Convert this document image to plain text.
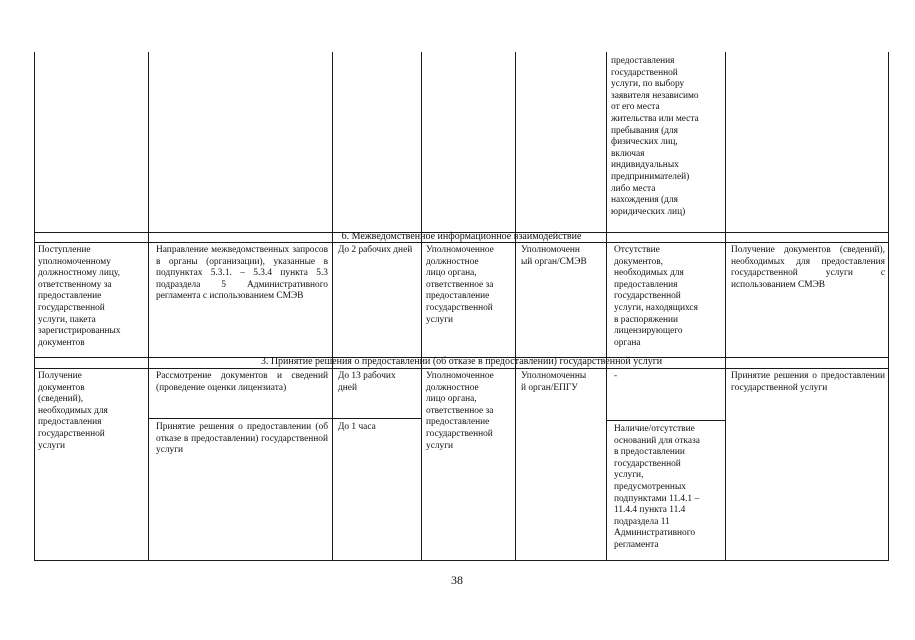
предоставления
государственной
услуги, по выбору
заявителя независимо
от его места
жительства или места
пребывания (для
физических лиц,
включая
индивидуальных
предпринимателей)
либо места
нахождения (для
юридических лиц)
6. Межведомственное информационное взаимодействие
Поступление
уполномоченному
должностному лицу,
ответственному за
предоставление
государственной
услуги, пакета
зарегистрированных
документов
Направление межведомственных запросов в органы (организации), указанные в подпунктах 5.3.1. – 5.3.4 пункта 5.3 подраздела 5 Административного регламента с использованием СМЭВ
До 2 рабочих дней	Уполномоченное
должностное
лицо органа,
ответственное за
предоставление
государственной
услуги
Уполномоченн
ый орган/СМЭВ
Отсутствие
документов,
необходимых для
предоставления
государственной
услуги, находящихся
в распоряжении
лицензирующего
органа
Получение документов (сведений), необходимых для предоставления государственной услуги с использованием СМЭВ
3. Принятие решения о предоставлении (об отказе в предоставлении) государственной услуги
Получение
документов
(сведений),
необходимых для
предоставления
государственной
услуги
Рассмотрение документов и сведений (проведение оценки лицензиата)
До 13 рабочих
дней
Принятие решения о предоставлении (об отказе в предоставлении) государственной услуги
До 1 часа
Уполномоченное
должностное
лицо органа,
ответственное за
предоставление
государственной
услуги
Уполномоченны
й орган/ЕПГУ
-
Наличие/отсутствие
оснований для отказа
в предоставлении
государственной
услуги,
предусмотренных
подпунктами 11.4.1 –
11.4.4 пункта 11.4
подраздела 11
Административного
регламента
Принятие решения о предоставлении государственной услуги
38
